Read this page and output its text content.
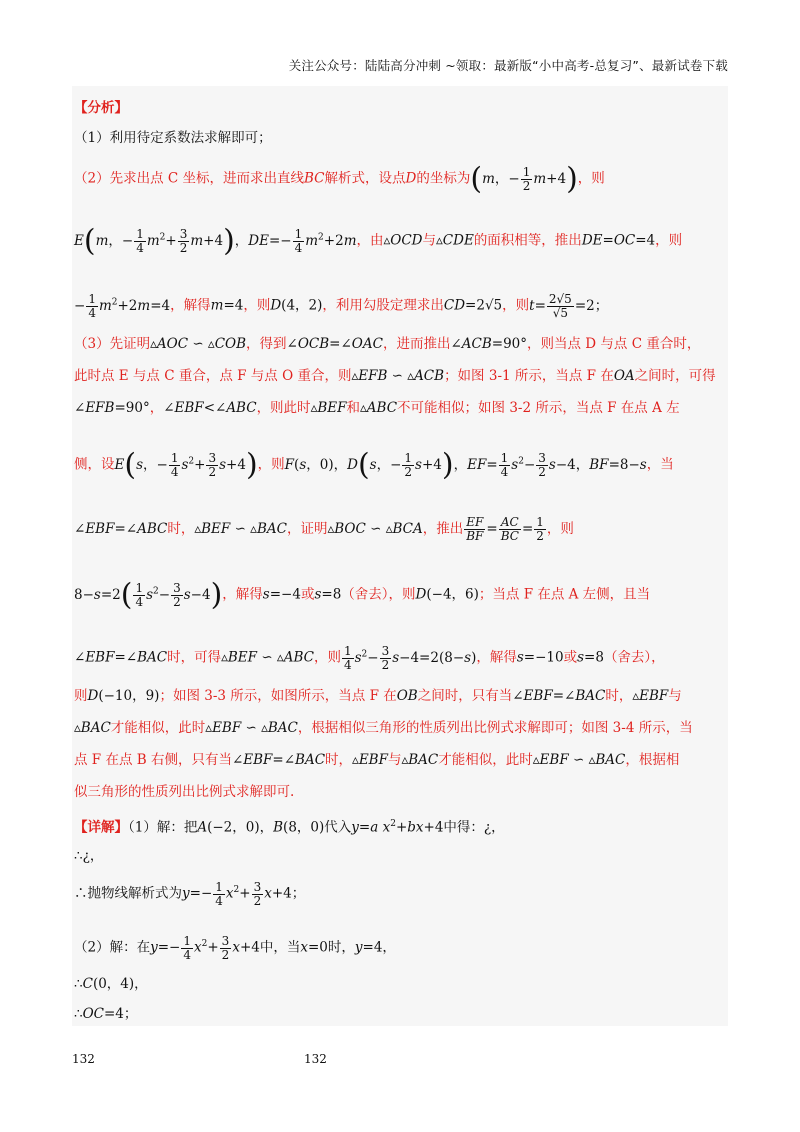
关注公众号：陆陆高分冲刺 ~领取：最新版“小中高考-总复习”、最新试卷下载
【分析】
（1）利用待定系数法求解即可；
（2）先求出点 C 坐标，进而求出直线BC解析式，设点D的坐标为(m，− $\frac{1}{2} m+4$)，则
E(m，− $\frac{1}{4} m^2+ \frac{3}{2} m+4$)，$DE=- \frac{1}{4} m^2+2m$，由▵OCD与▵CDE的面积相等，推出DE=OC=4，则
− $\frac{1}{4} m^2+2m=4$，解得m=4，则D(4，2)，利用勾股定理求出CD=2√5，则$t= \frac{2√5}{√5} =2$；
（3）先证明▵AOC ∽ ▵COB，得到∠OCB=∠OAC，进而推出∠ACB=90°，则当点 D 与点 C 重合时，
此时点 E 与点 C 重合，点 F 与点 O 重合，则▵EFB ∽ ▵ACB；如图 3-1 所示，当点 F 在OA之间时，可得
∠EFB=90°，∠EBF<∠ABC，则此时▵BEF和▵ABC不可能相似；如图 3-2 所示，当点 F 在点 A 左
侧，设E(s，− $\frac{1}{4} s^2+ \frac{3}{2} s+4$)，则F(s，0)，D(s，− $\frac{1}{2} s+4$)，$EF= \frac{1}{4} s^2- \frac{3}{2} s-4$，BF=8−s，当
∠EBF=∠ABC时，▵BEF ∽ ▵BAC，证明▵BOC ∽ ▵BCA，推出 $\frac{EF}{BF} = \frac{AC}{BC} = \frac{1}{2}$ ，则
$8-s=2( \frac{1}{4} s^2- \frac{3}{2} s-4)$，解得s=−4或s=8（舍去），则D(−4，6)；当点 F 在点 A 左侧，且当
∠EBF=∠BAC时，可得▵BEF ∽ ▵ABC，则 $\frac{1}{4} s^2- \frac{3}{2} s-4=2(8-s)$，解得s=−10或s=8（舍去），
则D(−10，9)；如图 3-3 所示，如图所示，当点 F 在OB之间时，只有当∠EBF=∠BAC时，▵EBF与
▵BAC才能相似，此时▵EBF ∽ ▵BAC，根据相似三角形的性质列出比例式求解即可；如图 3-4 所示，当
点 F 在点 B 右侧，只有当∠EBF=∠BAC时，▵EBF与▵BAC才能相似，此时▵EBF ∽ ▵BAC，根据相
似三角形的性质列出比例式求解即可.
【详解】（1）解：把A(−2，0)，B(8，0)代入y=a $x^2+bx+4$中得：¿，
∴¿，
∴抛物线解析式为$y=- \frac{1}{4} x^2+ \frac{3}{2} x+4$；
（2）解：在$y=- \frac{1}{4} x^2+ \frac{3}{2} x+4$中，当x=0时，y=4，
∴C(0，4)，
∴OC=4；
132	132
